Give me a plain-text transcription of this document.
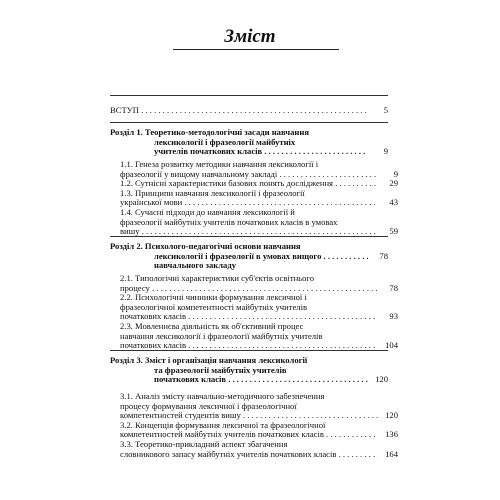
Зміст
ВСТУП . . .	5
Розділ 1. Теоретико-методологічні засади навчання
лексикології і фразеології майбутніх
учителів початкових класів . . .	9
1.1. Генеза розвитку методики навчання лексикології і
фразеології у вищому навчальному закладі . . .	9
1.2. Сутнісні характеристики базових понять дослідження . . .	29
1.3. Принципи навчання лексикології і фразеології
української мови . . .	43
1.4. Сучасні підходи до навчання лексикології й
фразеології майбутніх учителів початкових класів в умовах
вишу . . .	59
Розділ 2. Психолого-педагогічні основи навчання
лексикології і фразеології в умовах вищого . . .	78
навчального закладу
2.1. Типологічні характеристики суб'єктів освітнього
процесу . . .	78
2.2. Психологічні чинники формування лексичної і
фразеологічної компетентності майбутніх учителів
початкових класів . . .	93
2.3. Мовленнєва діяльність як об'єктивний процес
навчання лексикології і фразеології майбутніх учителів
початкових класів . . .	104
Розділ 3. Зміст і організація навчання лексикології
та фразеології майбутніх учителів
початкових класів . . .	120
3.1. Аналіз змісту навчально-методичного забезпечення
процесу формування лексичної і фразеологічної
компетентностей студентів вишу . . .	120
3.2. Концепція формування лексичної та фразеологічної
компетентностей майбутніх учителів початкових класів . . .	136
3.3. Теоретико-прикладний аспект збагачення
словникового запасу майбутніх учителів початкових класів . . .	164
